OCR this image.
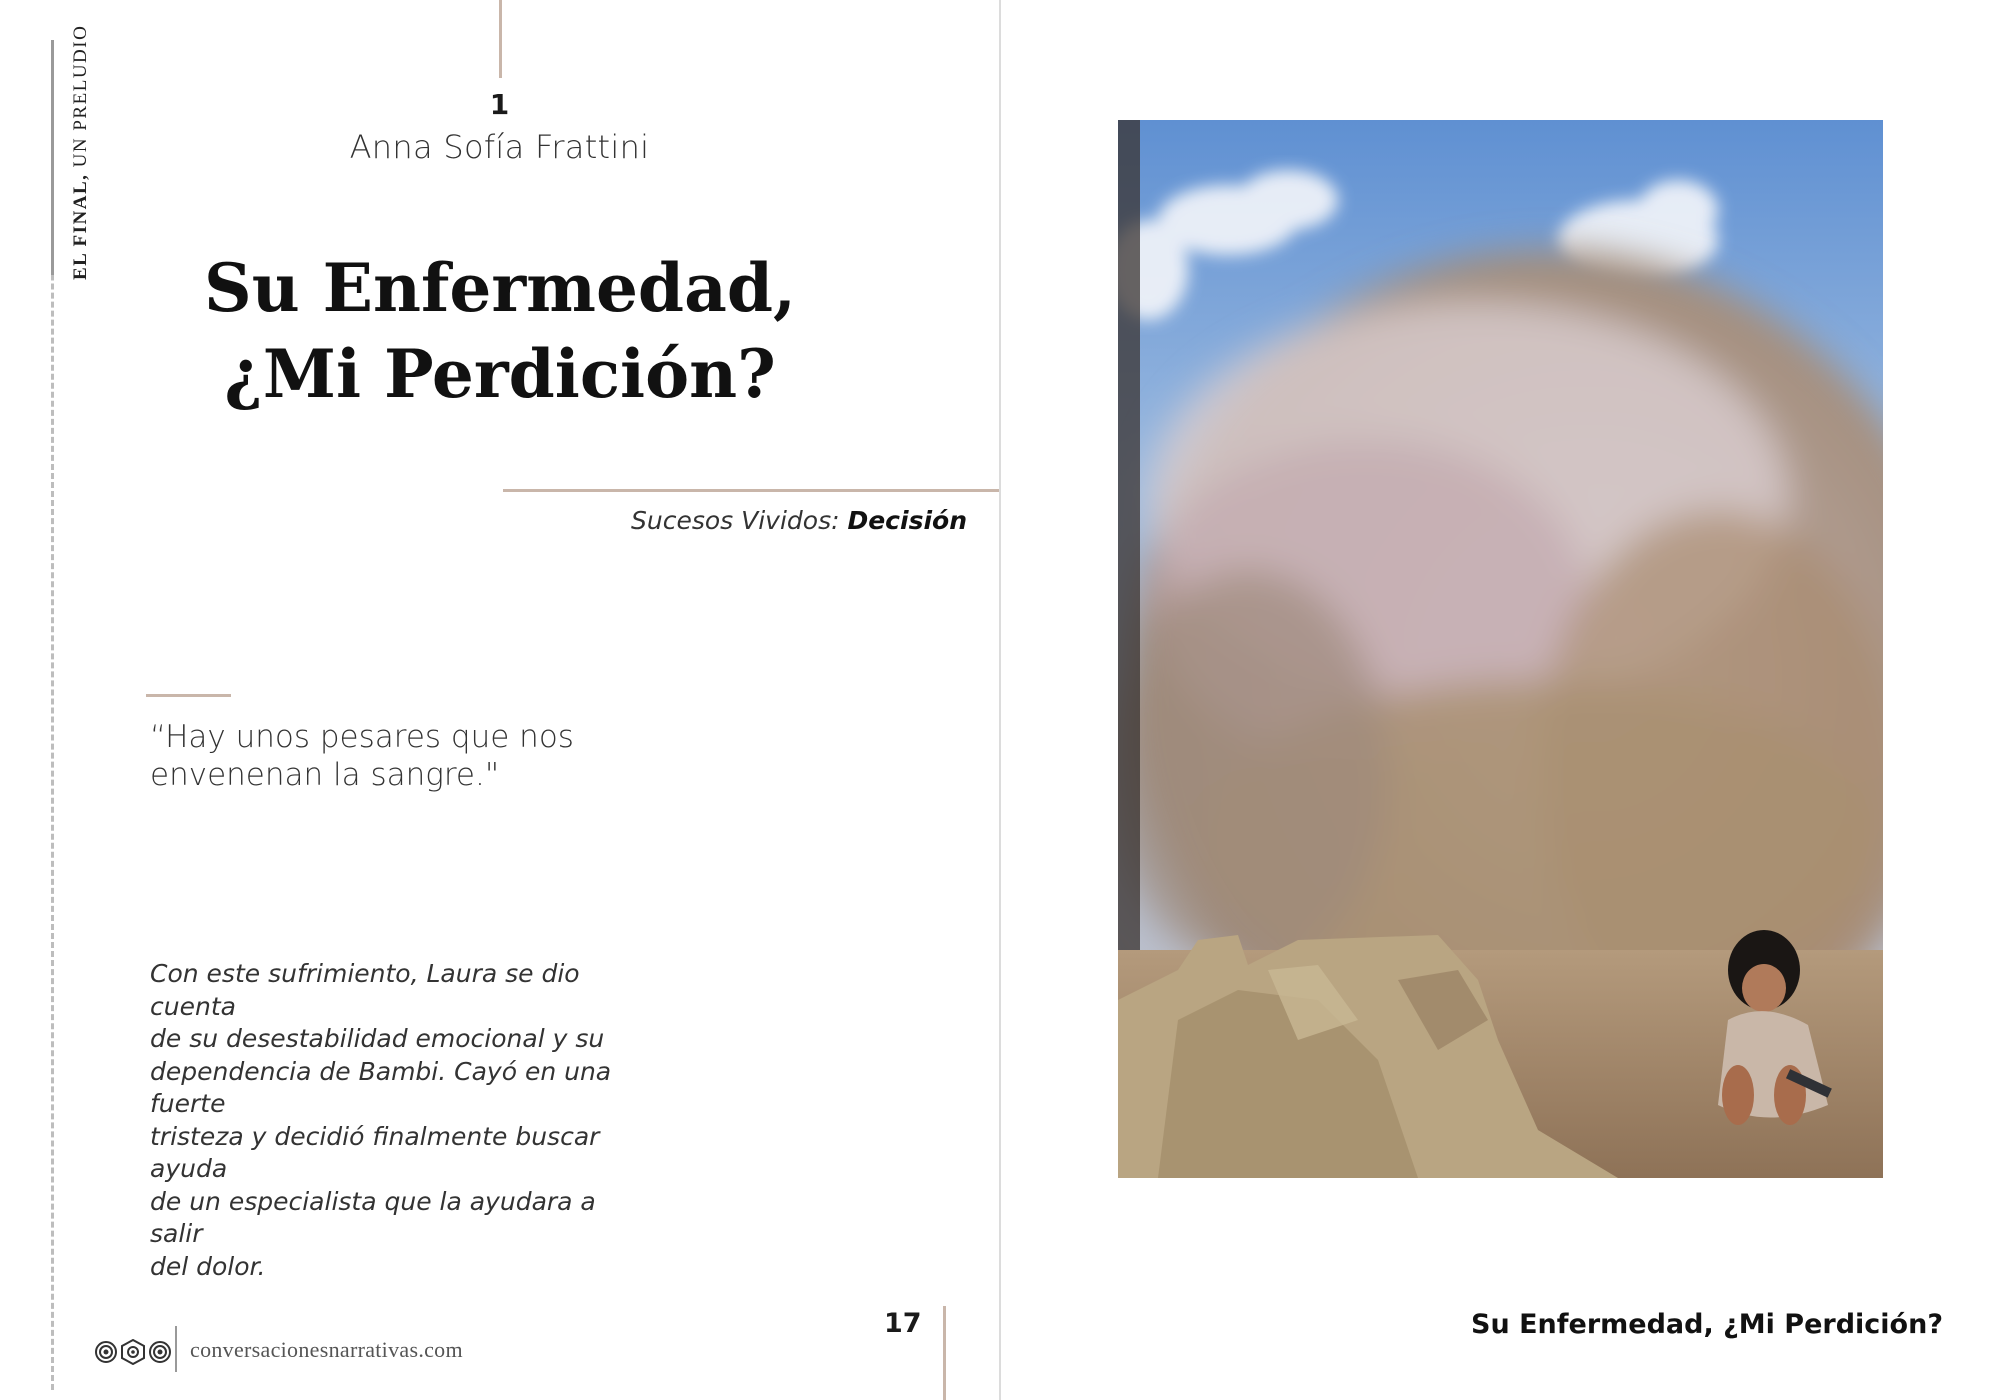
EL FINAL, UN PRELUDIO	1
Anna Sofía Frattini
Su Enfermedad,
¿Mi Perdición?
Sucesos Vividos: Decisión
“Hay unos pesares que nos
envenenan la sangre."
Con este sufrimiento, Laura se dio cuenta
de su desestabilidad emocional y su
dependencia de Bambi. Cayó en una fuerte
tristeza y decidió finalmente buscar ayuda
de un especialista que la ayudara a salir
del dolor.
conversacionesnarrativas.com
17	Su Enfermedad, ¿Mi Perdición?
